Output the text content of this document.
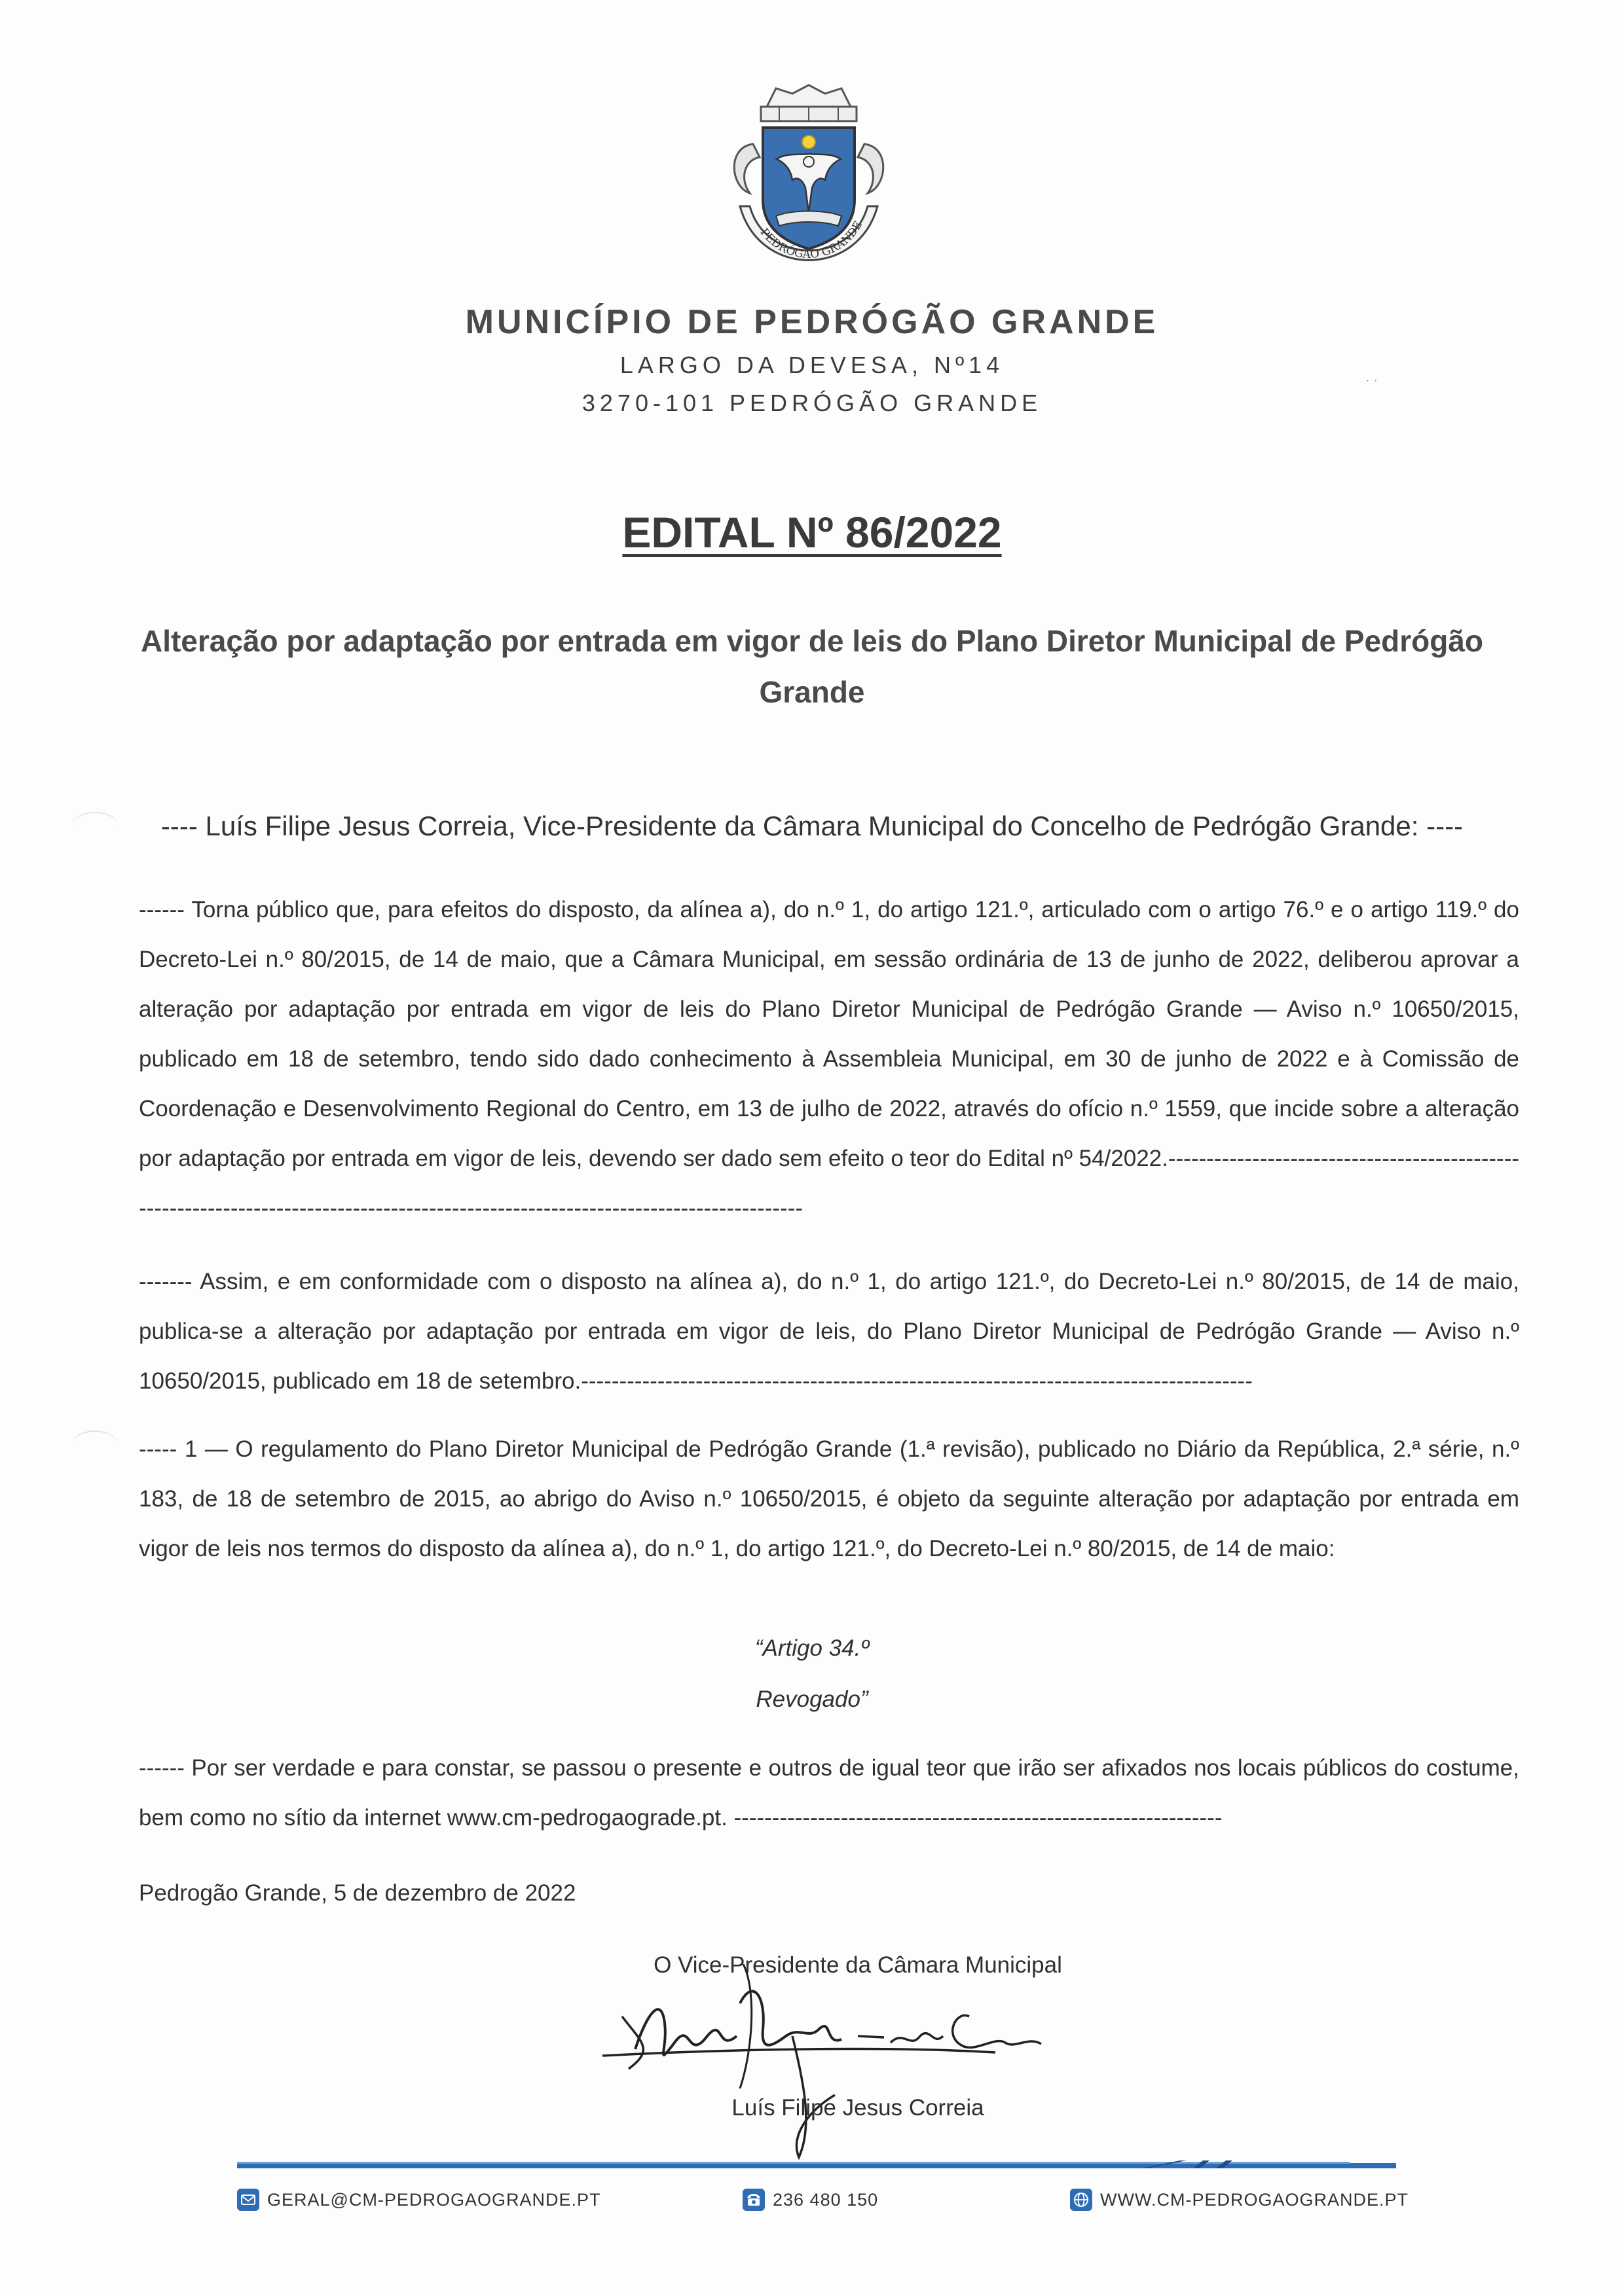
PEDRÓGÃO GRANDE
MUNICÍPIO DE PEDRÓGÃO GRANDE
LARGO DA DEVESA, Nº14
3270-101 PEDRÓGÃO GRANDE
· ·
EDITAL Nº 86/2022
Alteração por adaptação por entrada em vigor de leis do Plano Diretor Municipal de Pedrógão Grande
---- Luís Filipe Jesus Correia, Vice-Presidente da Câmara Municipal do Concelho de Pedrógão Grande: ----
------ Torna público que, para efeitos do disposto, da alínea a), do n.º 1, do artigo 121.º, articulado com o artigo 76.º e o artigo 119.º do Decreto-Lei n.º 80/2015, de 14 de maio, que a Câmara Municipal, em sessão ordinária de 13 de junho de 2022, deliberou aprovar a alteração por adaptação por entrada em vigor de leis do Plano Diretor Municipal de Pedrógão Grande — Aviso n.º 10650/2015, publicado em 18 de setembro, tendo sido dado conhecimento à Assembleia Municipal, em 30 de junho de 2022 e à Comissão de Coordenação e Desenvolvimento Regional do Centro, em 13 de julho de 2022, através do ofício n.º 1559, que incide sobre a alteração por adaptação por entrada em vigor de leis, devendo ser dado sem efeito o teor do Edital nº 54/2022.-------------------------------------------------------------------------------------------------------------------------------------
------- Assim, e em conformidade com o disposto na alínea a), do n.º 1, do artigo 121.º, do Decreto-Lei n.º 80/2015, de 14 de maio, publica-se a alteração por adaptação por entrada em vigor de leis, do Plano Diretor Municipal de Pedrógão Grande — Aviso n.º 10650/2015, publicado em 18 de setembro.----------------------------------------------------------------------------------------
----- 1 — O regulamento do Plano Diretor Municipal de Pedrógão Grande (1.ª revisão), publicado no Diário da República, 2.ª série, n.º 183, de 18 de setembro de 2015, ao abrigo do Aviso n.º 10650/2015, é objeto da seguinte alteração por adaptação por entrada em vigor de leis nos termos do disposto da alínea a), do n.º 1, do artigo 121.º, do Decreto-Lei n.º 80/2015, de 14 de maio:
“Artigo 34.º
Revogado”
------ Por ser verdade e para constar, se passou o presente e outros de igual teor que irão ser afixados nos locais públicos do costume, bem como no sítio da internet www.cm-pedrogaograde.pt. ----------------------------------------------------------------
Pedrogão Grande, 5 de dezembro de 2022
O Vice-Presidente da Câmara Municipal
Luís Filipe Jesus Correia
GERAL@CM-PEDROGAOGRANDE.PT	236 480 150	WWW.CM-PEDROGAOGRANDE.PT
